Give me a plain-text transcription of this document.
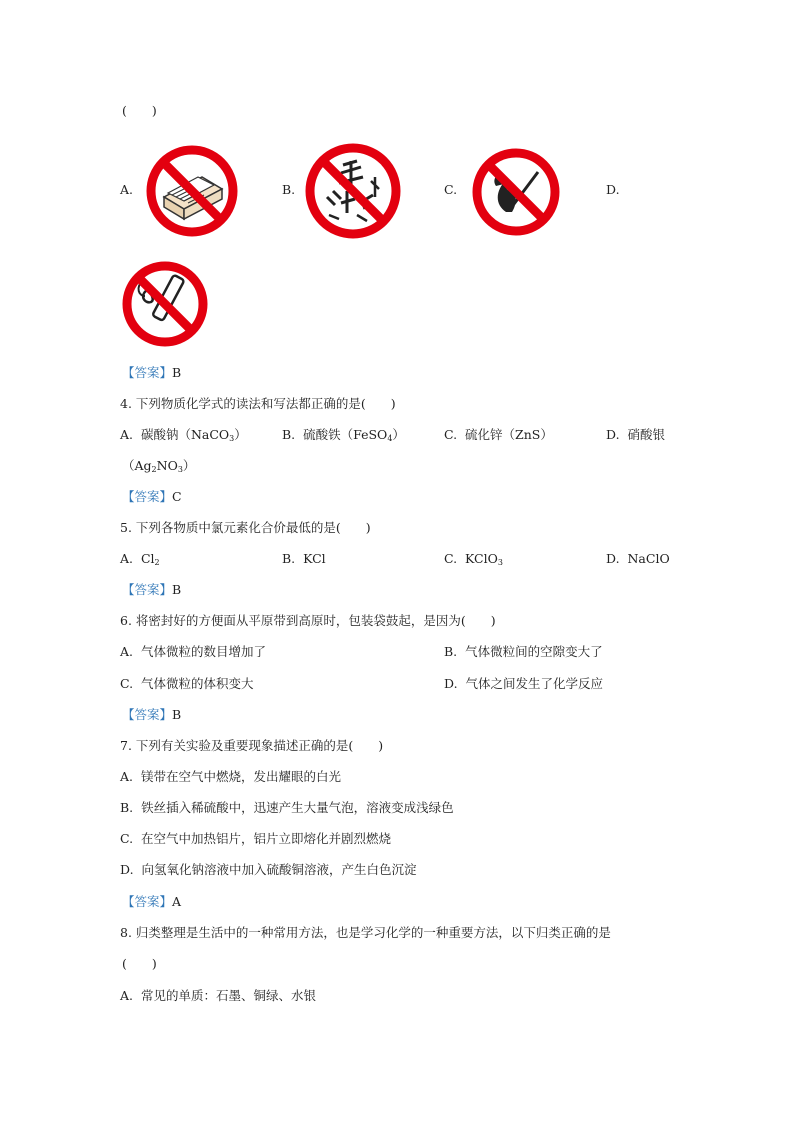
(　　)
A.	B.	C.	D.
【答案】B
4. 下列物质化学式的读法和写法都正确的是(　　)
A.  碳酸钠（NaCO$_3$）	B.  硫酸铁（FeSO$_4$）	C.  硫化锌（ZnS）	D.  硝酸银
$(Ag_2NO_3)$
【答案】C
5. 下列各物质中氯元素化合价最低的是(　　)
A.  $Cl_2$	B.  KCl	C.  KClO$_3$	D.  NaClO
【答案】B
6. 将密封好的方便面从平原带到高原时，包装袋鼓起，是因为(　　)
A.  气体微粒的数目增加了	B.  气体微粒间的空隙变大了
C.  气体微粒的体积变大	D.  气体之间发生了化学反应
【答案】B
7. 下列有关实验及重要现象描述正确的是(　　)
A.  镁带在空气中燃烧，发出耀眼的白光
B.  铁丝插入稀硫酸中，迅速产生大量气泡，溶液变成浅绿色
C.  在空气中加热铝片，铝片立即熔化并剧烈燃烧
D.  向氢氧化钠溶液中加入硫酸铜溶液，产生白色沉淀
【答案】A
8. 归类整理是生活中的一种常用方法，也是学习化学的一种重要方法，以下归类正确的是
(　　)
A.  常见的单质：石墨、铜绿、水银
